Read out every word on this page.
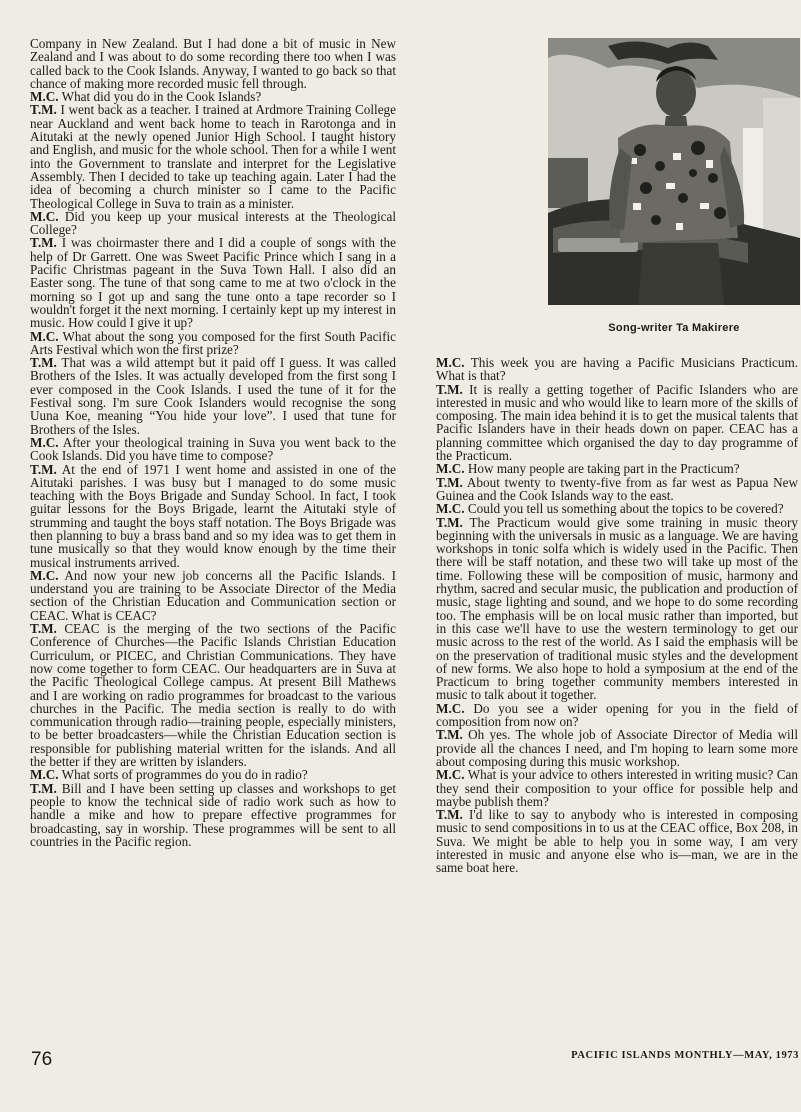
Company in New Zealand. But I had done a bit of music in New Zealand and I was about to do some recording there too when I was called back to the Cook Islands. Anyway, I wanted to go back so that chance of making more recorded music fell through.

M.C. What did you do in the Cook Islands?

T.M. I went back as a teacher. I trained at Ardmore Training College near Auckland and went back home to teach in Rarotonga and in Aitutaki at the newly opened Junior High School. I taught history and English, and music for the whole school. Then for a while I went into the Government to translate and interpret for the Legislative Assembly. Then I decided to take up teaching again. Later I had the idea of becoming a church minister so I came to the Pacific Theological College in Suva to train as a minister.

M.C. Did you keep up your musical interests at the Theological College?

T.M. I was choirmaster there and I did a couple of songs with the help of Dr Garrett. One was Sweet Pacific Prince which I sang in a Pacific Christmas pageant in the Suva Town Hall. I also did an Easter song. The tune of that song came to me at two o'clock in the morning so I got up and sang the tune onto a tape recorder so I wouldn't forget it the next morning. I certainly kept up my interest in music. How could I give it up?

M.C. What about the song you composed for the first South Pacific Arts Festival which won the first prize?

T.M. That was a wild attempt but it paid off I guess. It was called Brothers of the Isles. It was actually developed from the first song I ever composed in the Cook Islands. I used the tune of it for the Festival song. I'm sure Cook Islanders would recognise the song Uuna Koe, meaning “You hide your love”. I used that tune for Brothers of the Isles.

M.C. After your theological training in Suva you went back to the Cook Islands. Did you have time to compose?

T.M. At the end of 1971 I went home and assisted in one of the Aitutaki parishes. I was busy but I managed to do some music teaching with the Boys Brigade and Sunday School. In fact, I took guitar lessons for the Boys Brigade, learnt the Aitutaki style of strumming and taught the boys staff notation. The Boys Brigade was then planning to buy a brass band and so my idea was to get them in tune musically so that they would know enough by the time their musical instruments arrived.

M.C. And now your new job concerns all the Pacific Islands. I understand you are training to be Associate Director of the Media section of the Christian Education and Communication section or CEAC. What is CEAC?

T.M. CEAC is the merging of the two sections of the Pacific Conference of Churches—the Pacific Islands Christian Education Curriculum, or PICEC, and Christian Communications. They have now come together to form CEAC. Our headquarters are in Suva at the Pacific Theological College campus. At present Bill Mathews and I are working on radio programmes for broadcast to the various churches in the Pacific. The media section is really to do with communication through radio—training people, especially ministers, to be better broadcasters—while the Christian Education section is responsible for publishing material written for the islands. And all the better if they are written by islanders.

M.C. What sorts of programmes do you do in radio?

T.M. Bill and I have been setting up classes and workshops to get people to know the technical side of radio work such as how to handle a mike and how to prepare effective programmes for broadcasting, say in worship. These programmes will be sent to all countries in the Pacific region.

Song-writer Ta Makirere

M.C. This week you are having a Pacific Musicians Practicum. What is that?

T.M. It is really a getting together of Pacific Islanders who are interested in music and who would like to learn more of the skills of composing. The main idea behind it is to get the musical talents that Pacific Islanders have in their heads down on paper. CEAC has a planning committee which organised the day to day programme of the Practicum.

M.C. How many people are taking part in the Practicum?

T.M. About twenty to twenty-five from as far west as Papua New Guinea and the Cook Islands way to the east.

M.C. Could you tell us something about the topics to be covered?

T.M. The Practicum would give some training in music theory beginning with the universals in music as a language. We are having workshops in tonic solfa which is widely used in the Pacific. Then there will be staff notation, and these two will take up most of the time. Following these will be composition of music, harmony and rhythm, sacred and secular music, the publication and production of music, stage lighting and sound, and we hope to do some recording too. The emphasis will be on local music rather than imported, but in this case we'll have to use the western terminology to get our music across to the rest of the world. As I said the emphasis will be on the preservation of traditional music styles and the development of new forms. We also hope to hold a symposium at the end of the Practicum to bring together community members interested in music to talk about it together.

M.C. Do you see a wider opening for you in the field of composition from now on?

T.M. Oh yes. The whole job of Associate Director of Media will provide all the chances I need, and I'm hoping to learn some more about composing during this music workshop.

M.C. What is your advice to others interested in writing music? Can they send their composition to your office for possible help and maybe publish them?

T.M. I'd like to say to anybody who is interested in composing music to send compositions in to us at the CEAC office, Box 208, in Suva. We might be able to help you in some way, I am very interested in music and anyone else who is—man, we are in the same boat here.

76	PACIFIC ISLANDS MONTHLY—MAY, 1973
